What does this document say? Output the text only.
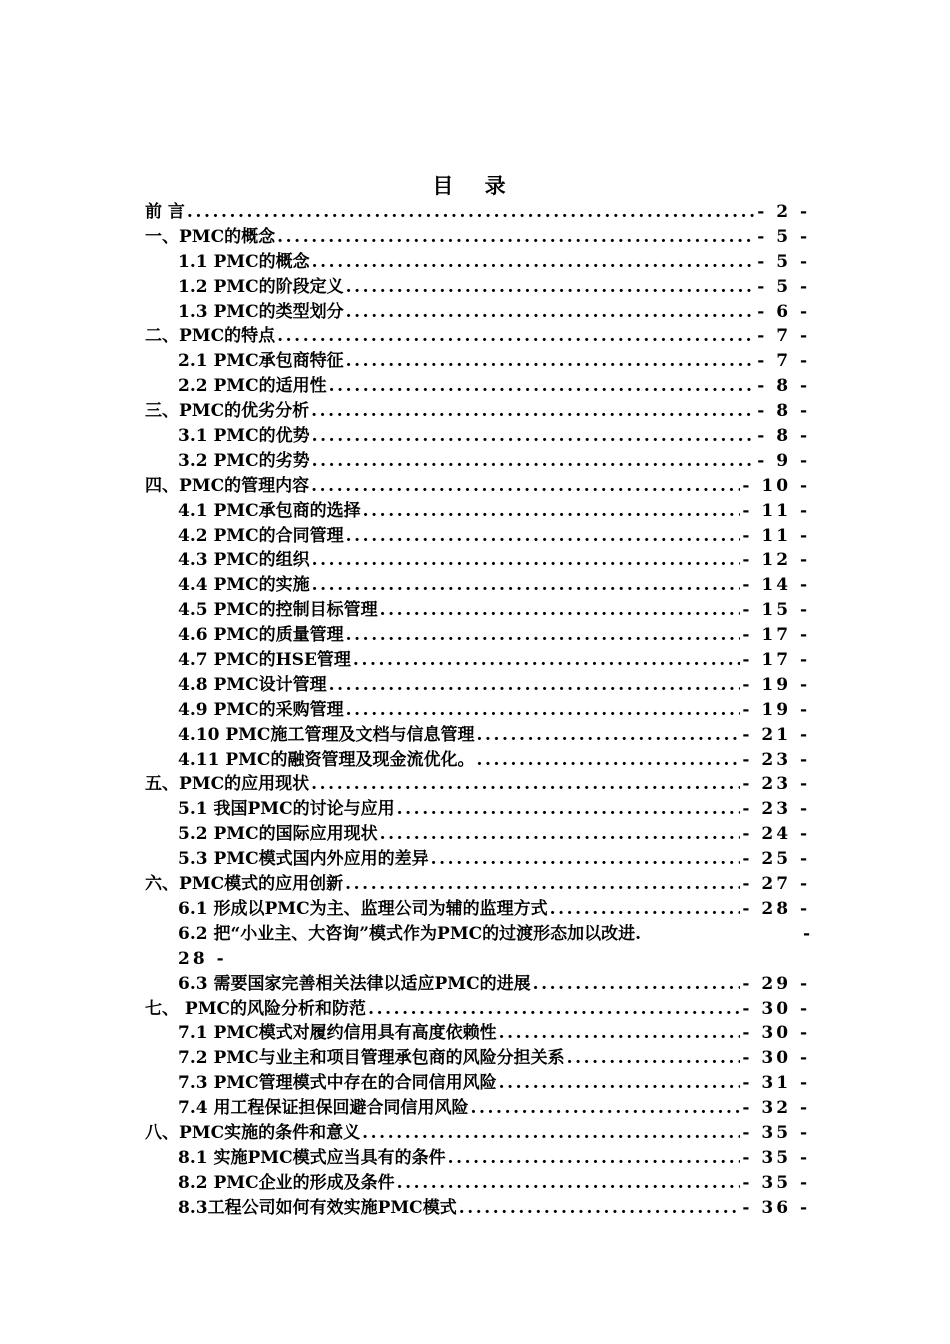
目 录
前 言 .....	- 2 -
一、PMC的概念 .....	- 5 -
1.1 PMC的概念 .....	- 5 -
1.2 PMC的阶段定义 .....	- 5 -
1.3 PMC的类型划分 .....	- 6 -
二、PMC的特点 .....	- 7 -
2.1 PMC承包商特征 .....	- 7 -
2.2 PMC的适用性 .....	- 8 -
三、PMC的优劣分析 .....	- 8 -
3.1 PMC的优势 .....	- 8 -
3.2 PMC的劣势 .....	- 9 -
四、PMC的管理内容 .....	- 10 -
4.1 PMC承包商的选择 .....	- 11 -
4.2 PMC的合同管理 .....	- 11 -
4.3 PMC的组织 .....	- 12 -
4.4 PMC的实施 .....	- 14 -
4.5 PMC的控制目标管理 .....	- 15 -
4.6 PMC的质量管理 .....	- 17 -
4.7 PMC的HSE管理 .....	- 17 -
4.8 PMC设计管理 .....	- 19 -
4.9 PMC的采购管理 .....	- 19 -
4.10 PMC施工管理及文档与信息管理 .....	- 21 -
4.11 PMC的融资管理及现金流优化。 .....	- 23 -
五、PMC的应用现状 .....	- 23 -
5.1 我国PMC的讨论与应用 .....	- 23 -
5.2 PMC的国际应用现状 .....	- 24 -
5.3 PMC模式国内外应用的差异 .....	- 25 -
六、PMC模式的应用创新 .....	- 27 -
6.1 形成以PMC为主、监理公司为辅的监理方式 .....	- 28 -
6.2 把“小业主、大咨询”模式作为PMC的过渡形态加以改进.	-
28 -
6.3 需要国家完善相关法律以适应PMC的进展 .....	- 29 -
七、 PMC的风险分析和防范 .....	- 30 -
7.1 PMC模式对履约信用具有高度依赖性 .....	- 30 -
7.2 PMC与业主和项目管理承包商的风险分担关系 .....	- 30 -
7.3 PMC管理模式中存在的合同信用风险 .....	- 31 -
7.4 用工程保证担保回避合同信用风险 .....	- 32 -
八、PMC实施的条件和意义 .....	- 35 -
8.1 实施PMC模式应当具有的条件 .....	- 35 -
8.2 PMC企业的形成及条件 .....	- 35 -
8.3工程公司如何有效实施PMC模式 .....	- 36 -
